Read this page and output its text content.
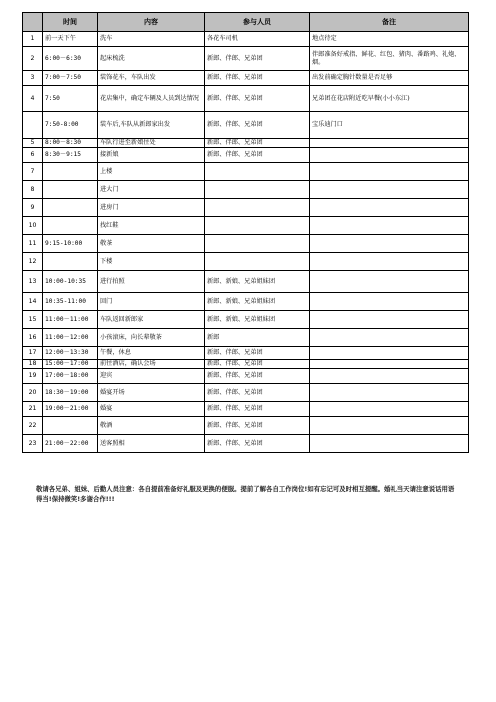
	时间	内容	参与人员	备注
1	前一天下午	洗车	各花车司机	地点待定
2	6:00－6:30	起床梳洗	新郎、伴郎、兄弟团	伴郎准备好戒指、鲜花、红包、猪肉、番路鸡、礼炮、烟。
3	7:00－7:50	装饰花车，车队出发	新郎、伴郎、兄弟团	出发前确定胸针数量是否足够
4	7:50	花店集中，确定车辆及人员到达情况	新郎、伴郎、兄弟团	兄弟团在花店附近吃早餐(小小东江)
	7:50-8:00	装车后,车队从新郎家出发	新郎、伴郎、兄弟团	宝乐迪门口
5	8:00－8:30	车队行进至新娘住处	新郎、伴郎、兄弟团	
6	8:30－9:15	接新娘	新郎、伴郎、兄弟团	
7		上楼		
8		进大门		
9		进房门		
10		找红鞋		
11	9:15-10:00	敬茶		
12		下楼		
13	10:00-10:35	进行拍照	新郎、新娘、兄弟姐妹团	
14	10:35-11:00	回门	新郎、新娘、兄弟姐妹团	
15	11:00－11:00	车队返回新郎家	新郎、新娘、兄弟姐妹团	
16	11:00－12:00	小孩滚床，向长辈敬茶	新郎	
17	12:00－13:30	午餐，休息	新郎、伴郎、兄弟团	
18	15:00－17:00	前往酒店，确认会场	新郎、伴郎、兄弟团	
19	17:00－18:00	迎宾	新郎、伴郎、兄弟团	
20	18:30－19:00	婚宴开场	新郎、伴郎、兄弟团	
21	19:00－21:00	婚宴	新郎、伴郎、兄弟团	
22		敬酒	新郎、伴郎、兄弟团	
23	21:00－22:00	送客照相	新郎、伴郎、兄弟团	
敬请各兄弟、姐妹、后勤人员注意：各自提前准备好礼服及更换的便服。提前了解各自工作岗位!如有忘记可及时相互提醒。婚礼当天请注意说话用语得当!保持微笑!多谢合作!!!
